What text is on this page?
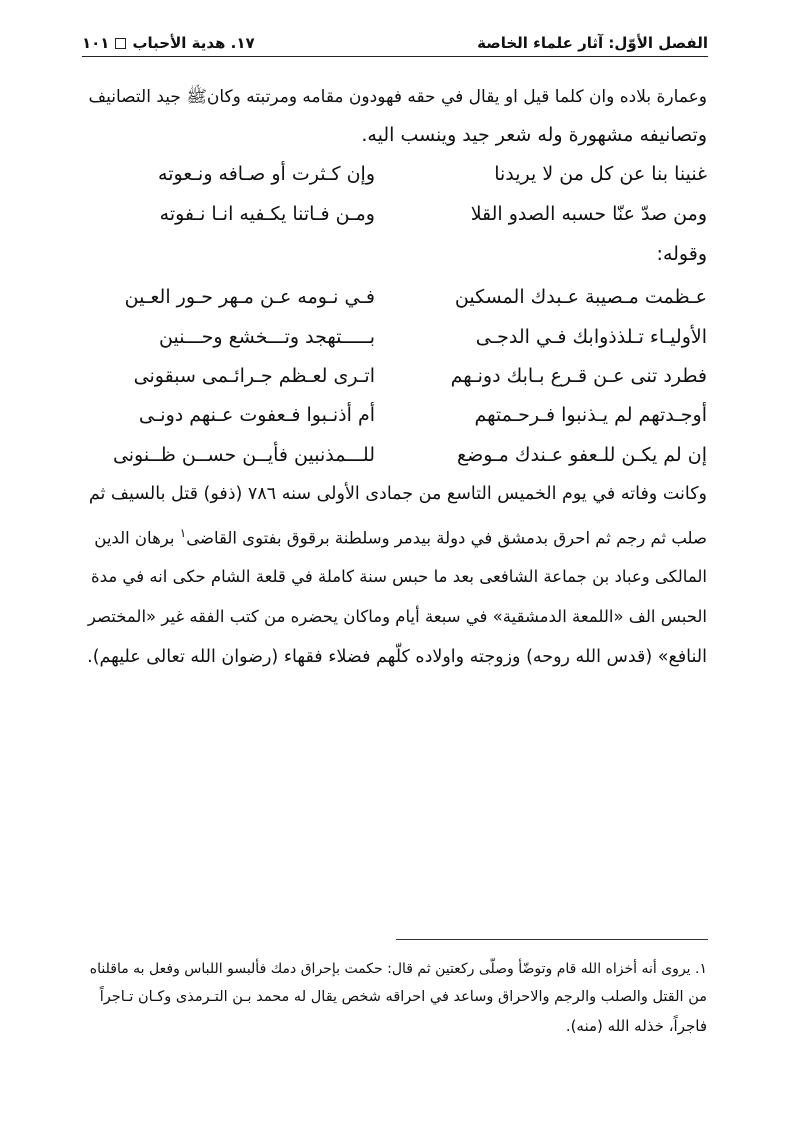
الفصل الأوّل: آثار علماء الخاصة
١٧. هدية الأحباب
١٠١
وعمارة بلاده وان كلما قيل او يقال في حقه فهودون مقامه ومرتبته وكانﷺ جيد التصانيف
وتصانيفه مشهورة وله شعر جيد وينسب اليه.
غنينا بنا عن كل من لا يريدنا
وإن كـثرت أو صـافه ونـعوته
ومن صدّ عنّا حسبه الصدو القلا
ومـن فـاتنا يكـفيه انـا نـفوته
وقوله:
عـظمت مـصيبة عـبدك المسكين
فـي نـومه عـن مـهر حـور العـين
الأوليـاء تـلذذوابك فـي الدجـى
بـــــتهجد وتـــخشع وحـــنين
فطرد تنى عـن قـرع بـابك دونـهم
اتـرى لعـظم جـرائـمى سبقونى
أوجـدتهم لم يـذنبوا فـرحـمتهم
أم أذنـبوا فـعفوت عـنهم دونـى
إن لم يكـن للـعفو عـندك مـوضع
للـــمذنبين فأيــن حســن ظــنونى
وكانت وفاته في يوم الخميس التاسع من جمادى الأولى سنه ٧٨٦ (ذفو) قتل بالسيف ثم
صلب ثم رجم ثم احرق بدمشق في دولة بيدمر وسلطنة برقوق بفتوى القاضى$^١$ برهان الدين
المالكى وعباد بن جماعة الشافعى بعد ما حبس سنة كاملة في قلعة الشام حكى انه في مدة
الحبس الف «اللمعة الدمشقية» في سبعة أيام وماكان يحضره من كتب الفقه غير «المختصر
النافع» (قدس الله روحه) وزوجته واولاده كلّهم فضلاء فقهاء (رضوان الله تعالى عليهم).
١. يروى أنه أخزاه الله قام وتوضّأ وصلّى ركعتين ثم قال: حكمت بإحراق دمك فألبسو اللباس وفعل به ماقلناه
من القتل والصلب والرجم والاحراق وساعد في احراقه شخص يقال له محمد بـن التـرمذى وكـان تـاجراً
فاجراً، خذله الله (منه).
